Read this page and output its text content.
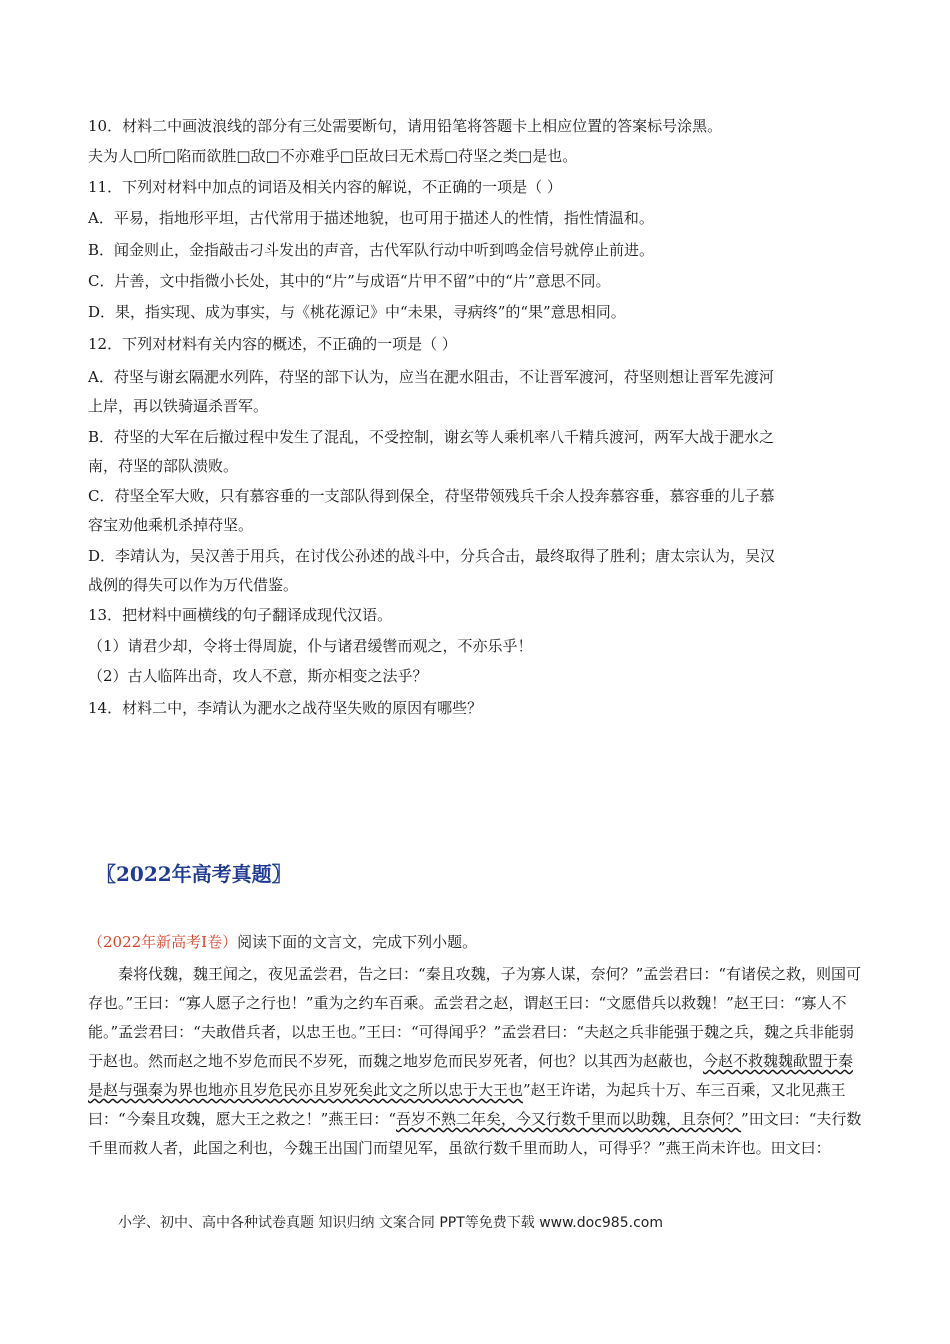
10．材料二中画波浪线的部分有三处需要断句，请用铅笔将答题卡上相应位置的答案标号涂黑。
夫为人□所□陷而欲胜□敌□不亦难乎□臣故曰无术焉□苻坚之类□是也。
11．下列对材料中加点的词语及相关内容的解说，不正确的一项是（ ）
A．平易，指地形平坦，古代常用于描述地貌，也可用于描述人的性情，指性情温和。
B．闻金则止，金指敲击刁斗发出的声音，古代军队行动中听到鸣金信号就停止前进。
C．片善，文中指微小长处，其中的“片”与成语“片甲不留”中的“片”意思不同。
D．果，指实现、成为事实，与《桃花源记》中“未果，寻病终”的“果”意思相同。
12．下列对材料有关内容的概述，不正确的一项是（ ）
A．苻坚与谢玄隔淝水列阵，苻坚的部下认为，应当在淝水阻击，不让晋军渡河，苻坚则想让晋军先渡河
上岸，再以铁骑逼杀晋军。
B．苻坚的大军在后撤过程中发生了混乱，不受控制，谢玄等人乘机率八千精兵渡河，两军大战于淝水之
南，苻坚的部队溃败。
C．苻坚全军大败，只有慕容垂的一支部队得到保全，苻坚带领残兵千余人投奔慕容垂，慕容垂的儿子慕
容宝劝他乘机杀掉苻坚。
D．李靖认为，吴汉善于用兵，在讨伐公孙述的战斗中，分兵合击，最终取得了胜利；唐太宗认为，吴汉
战例的得失可以作为万代借鉴。
13．把材料中画横线的句子翻译成现代汉语。
（1）请君少却，令将士得周旋，仆与诸君缓辔而观之，不亦乐乎！
（2）古人临阵出奇，攻人不意，斯亦相变之法乎？
14．材料二中，李靖认为淝水之战苻坚失败的原因有哪些？
〖2022年高考真题〗
（2022年新高考Ⅰ卷）阅读下面的文言文，完成下列小题。

秦将伐魏，魏王闻之，夜见孟尝君，告之曰：“秦且攻魏，子为寡人谋，奈何？”孟尝君曰：“有诸侯之救，则国可存也。”王曰：“寡人愿子之行也！”重为之约车百乘。孟尝君之赵，谓赵王曰：“文愿借兵以救魏！”赵王曰：“寡人不能。”孟尝君曰：“夫敢借兵者，以忠王也。”王曰：“可得闻乎？”孟尝君曰：“夫赵之兵非能强于魏之兵，魏之兵非能弱于赵也。然而赵之地不岁危而民不岁死，而魏之地岁危而民岁死者，何也？以其西为赵蔽也，今赵不救魏魏歃盟于秦是赵与强秦为界也地亦且岁危民亦且岁死矣此文之所以忠于大王也”赵王许诺，为起兵十万、车三百乘，又北见燕王曰：“今秦且攻魏，愿大王之救之！”燕王曰：“吾岁不熟二年矣，今又行数千里而以助魏，且奈何？”田文曰：“夫行数千里而救人者，此国之利也，今魏王出国门而望见军，虽欲行数千里而助人，可得乎？”燕王尚未许也。田文曰：

小学、初中、高中各种试卷真题 知识归纳 文案合同 PPT等免费下载 www.doc985.com
